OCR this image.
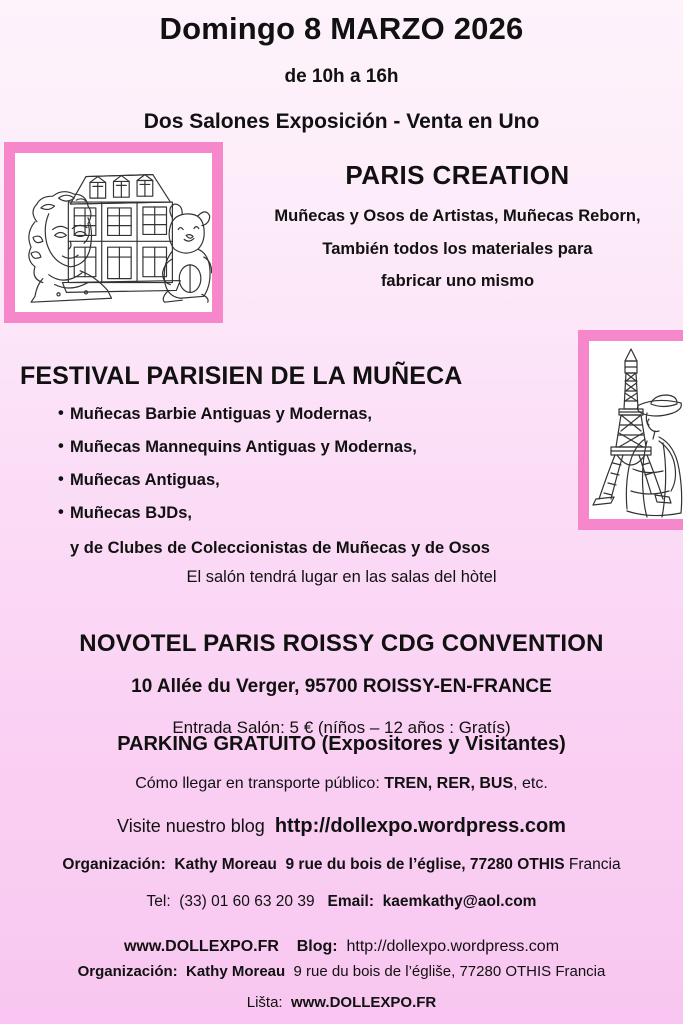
Domingo 8 MARZO 2026
de 10h a 16h
Dos Salones Exposición - Venta en Uno
PARIS CREATION
Muñecas y Osos de Artistas, Muñecas Reborn,
También todos los materiales para
fabricar uno mismo
FESTIVAL PARISIEN DE LA MUÑECA
• Muñecas Barbie Antiguas y Modernas,
• Muñecas Mannequins Antiguas y Modernas,
• Muñecas Antiguas,
• Muñecas BJDs,
y de Clubes de Coleccionistas de Muñecas y de Osos
El salón tendrá lugar en las salas del hòtel
NOVOTEL PARIS ROISSY CDG CONVENTION
10 Allée du Verger, 95700 ROISSY-EN-FRANCE
Entrada Salón: 5 € (níños – 12 años : Gratís)
PARKING GRATUITO (Expositores y Visitantes)
Cómo llegar en transporte público: TREN, RER, BUS, etc.
Visite nuestro blog http://dollexpo.wordpress.com
Organización: Kathy Moreau 9 rue du bois de l’église, 77280 OTHIS Francia
Tel: (33) 01 60 63 20 39 Email: kaemkathy@aol.com
www.DOLLEXPO.FR Blog: http://dollexpo.wordpress.com
Organización: Kathy Moreau 9 rue du bois de l’égliše, 77280 OTHIS Francia
Lišta: www.DOLLEXPO.FR
